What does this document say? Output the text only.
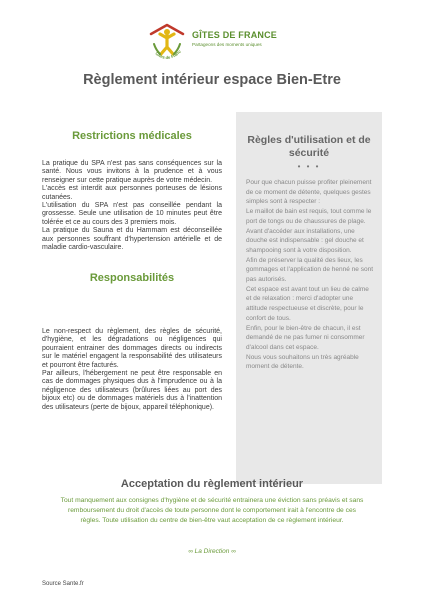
Gîtes de Franc
GÎTES DE FRANCE
Partageons des moments uniques
Règlement intérieur espace Bien-Etre
Restrictions médicales

La pratique du SPA n'est pas sans conséquences sur la santé. Nous vous invitons à la prudence et à vous renseigner sur cette pratique auprès de votre médecin.

L'accès est interdit aux personnes porteuses de lésions cutanées.

L'utilisation du SPA n'est pas conseillée pendant la grossesse. Seule une utilisation de 10 minutes peut être tolérée et ce au cours des 3 premiers mois.

La pratique du Sauna et du Hammam est déconseillée aux personnes souffrant d'hypertension artérielle et de maladie cardio-vasculaire.

Responsabilités

Le non-respect du règlement, des règles de sécurité, d'hygiène, et les dégradations ou négligences qui pourraient entrainer des dommages directs ou indirects sur le matériel engagent la responsabilité des utilisateurs et pourront être facturés.

Par ailleurs, l'hébergement ne peut être responsable en cas de dommages physiques dus à l'imprudence ou à la négligence des utilisateurs (brûlures liées au port des bijoux etc) ou de dommages matériels dus à l'inattention des utilisateurs (perte de bijoux, appareil téléphonique).

Règles d'utilisation et de sécurité
• • •

Pour que chacun puisse profiter pleinement de ce moment de détente, quelques gestes simples sont à respecter :

Le maillot de bain est requis, tout comme le port de tongs ou de chaussures de plage.

Avant d'accéder aux installations, une douche est indispensable : gel douche et shampooing sont à votre disposition.

Afin de préserver la qualité des lieux, les gommages et l'application de henné ne sont pas autorisés.

Cet espace est avant tout un lieu de calme et de relaxation : merci d'adopter une attitude respectueuse et discrète, pour le confort de tous.

Enfin, pour le bien-être de chacun, il est demandé de ne pas fumer ni consommer d'alcool dans cet espace.

Nous vous souhaitons un très agréable moment de détente.

Acceptation du règlement intérieur
Tout manquement aux consignes d'hygiène et de sécurité entrainera une éviction sans préavis et sans remboursement du droit d'accès de toute personne dont le comportement irait à l'encontre de ces règles. Toute utilisation du centre de bien-être vaut acceptation de ce règlement intérieur.
∞ La Direction ∞
Source Sante.fr
